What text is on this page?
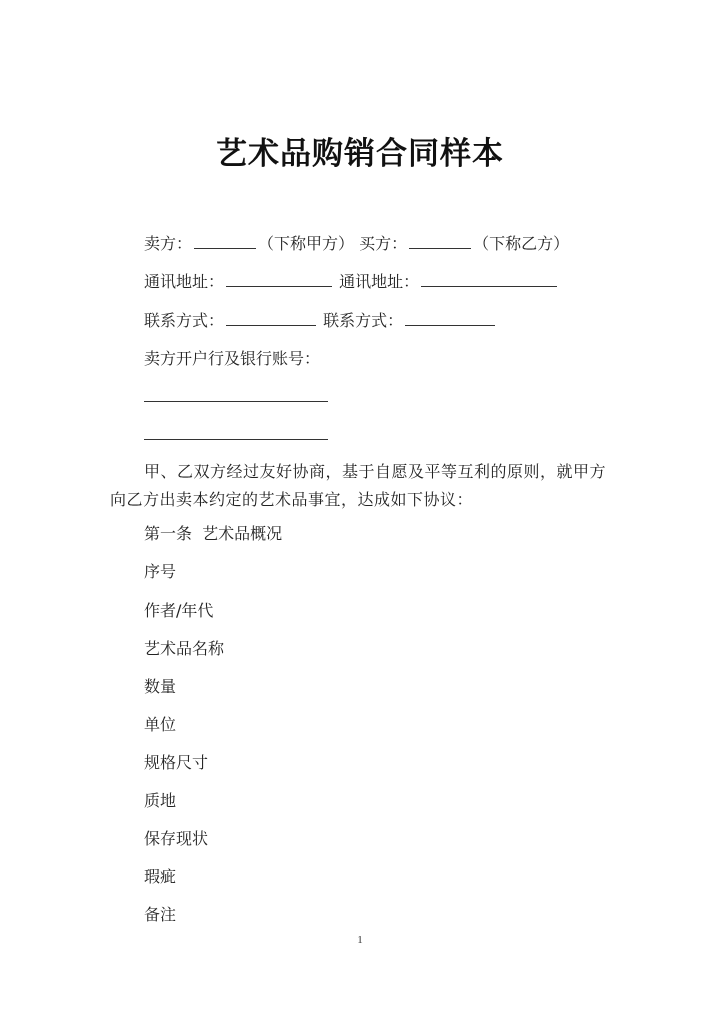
艺术品购销合同样本
卖方：	（下称甲方） 买方：	（下称乙方）
通讯地址：	通讯地址：
联系方式：	联系方式：
卖方开户行及银行账号：
甲、乙双方经过友好协商，基于自愿及平等互利的原则，就甲方向乙方出卖本约定的艺术品事宜，达成如下协议：
第一条  艺术品概况
序号
作者/年代
艺术品名称
数量
单位
规格尺寸
质地
保存现状
瑕疵
备注
1
